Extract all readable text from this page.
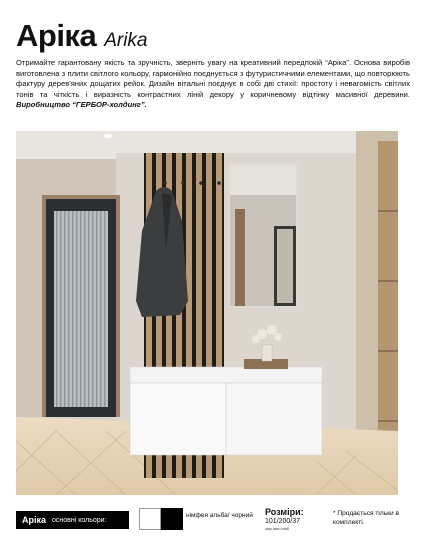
Аріка Arika

Отримайте гарантовану якість та зручність, зверніть увагу на креативний передпокій “Аріка”. Основа виробів виготовлена з плити світлого кольору, гармонійно поєднується з футуристичними елементами, що повторюють фактуру дерев'яних дощатих рейок. Дизайн вітальні поєднує в собі дві стихії: простоту і невагомість світлих тонів та чіткість і виразність контрастних ліній декору у коричневому відтінку масивної деревини. Виробництво “ГЕРБОР-холдинг”.

Аріка основні кольори:
німфея альба/ чорний	Розміри:
101/200/37
шир./вис./глиб.
* Продається тільки в комплекті.
